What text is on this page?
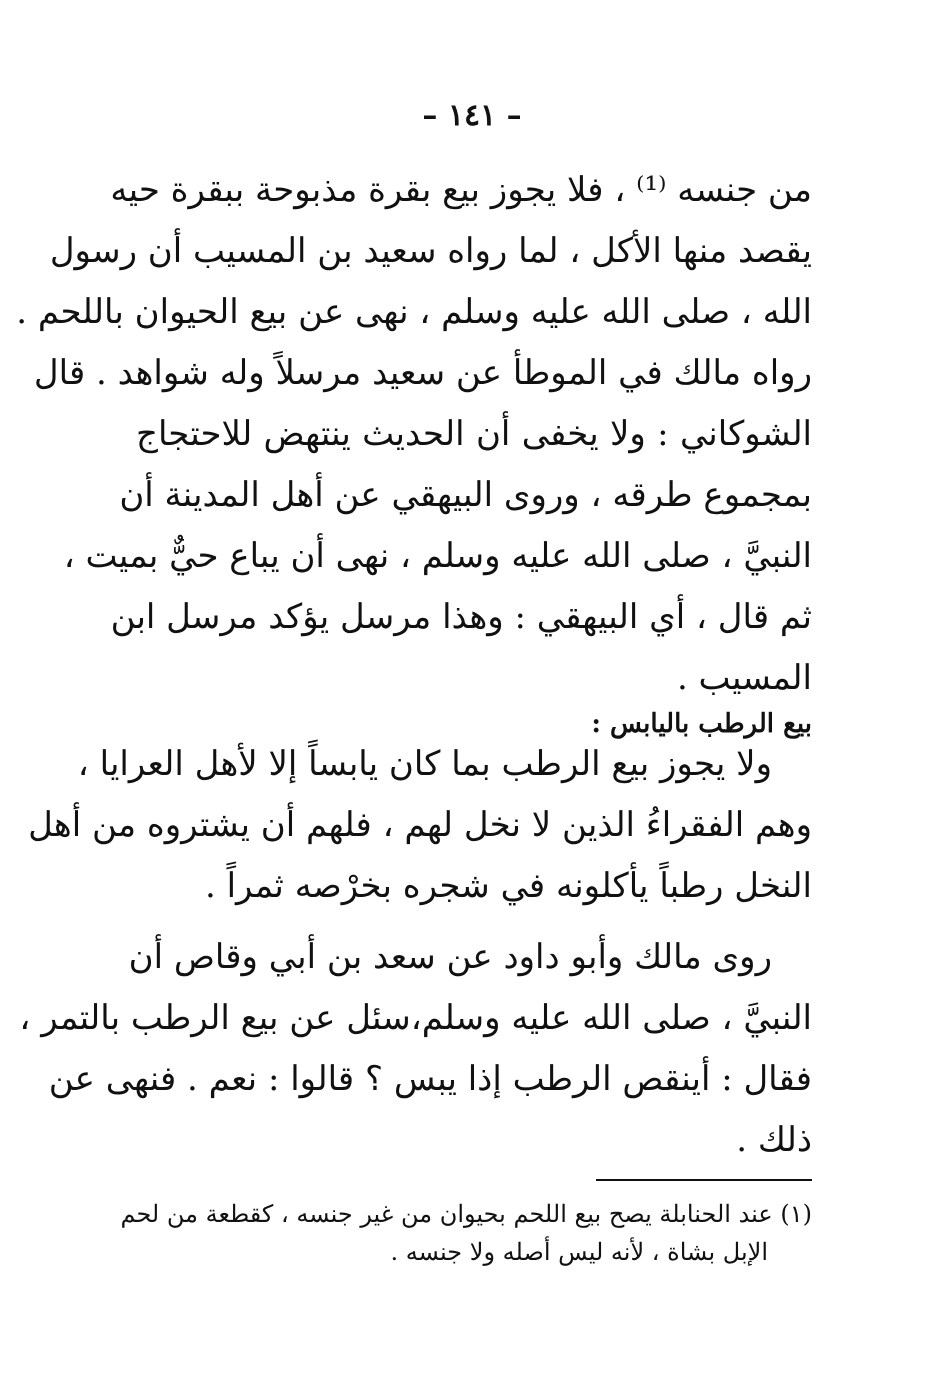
– ١٤١ –
من جنسه ⁽¹⁾ ، فلا يجوز بيع بقرة مذبوحة ببقرة حيه
يقصد منها الأكل ، لما رواه سعيد بن المسيب أن رسول
الله ، صلى الله عليه وسلم ، نهى عن بيع الحيوان باللحم .
رواه مالك في الموطأ عن سعيد مرسلاً وله شواهد . قال
الشوكاني : ولا يخفى أن الحديث ينتهض للاحتجاج
بمجموع طرقه ، وروى البيهقي عن أهل المدينة أن
النبيَّ ، صلى الله عليه وسلم ، نهى أن يباع حيٌّ بميت ،
ثم قال ، أي البيهقي : وهذا مرسل يؤكد مرسل ابن
المسيب .
بيع الرطب باليابس :
ولا يجوز بيع الرطب بما كان يابساً إلا لأهل العرايا ،
وهم الفقراءُ الذين لا نخل لهم ، فلهم أن يشتروه من أهل
النخل رطباً يأكلونه في شجره بخرْصه ثمراً .
روى مالك وأبو داود عن سعد بن أبي وقاص أن
النبيَّ ، صلى الله عليه وسلم،سئل عن بيع الرطب بالتمر ،
فقال : أينقص الرطب إذا يبس ؟ قالوا : نعم . فنهى عن
ذلك .
(١) عند الحنابلة يصح بيع اللحم بحيوان من غير جنسه ، كقطعة من لحم
الإبل بشاة ، لأنه ليس أصله ولا جنسه .
